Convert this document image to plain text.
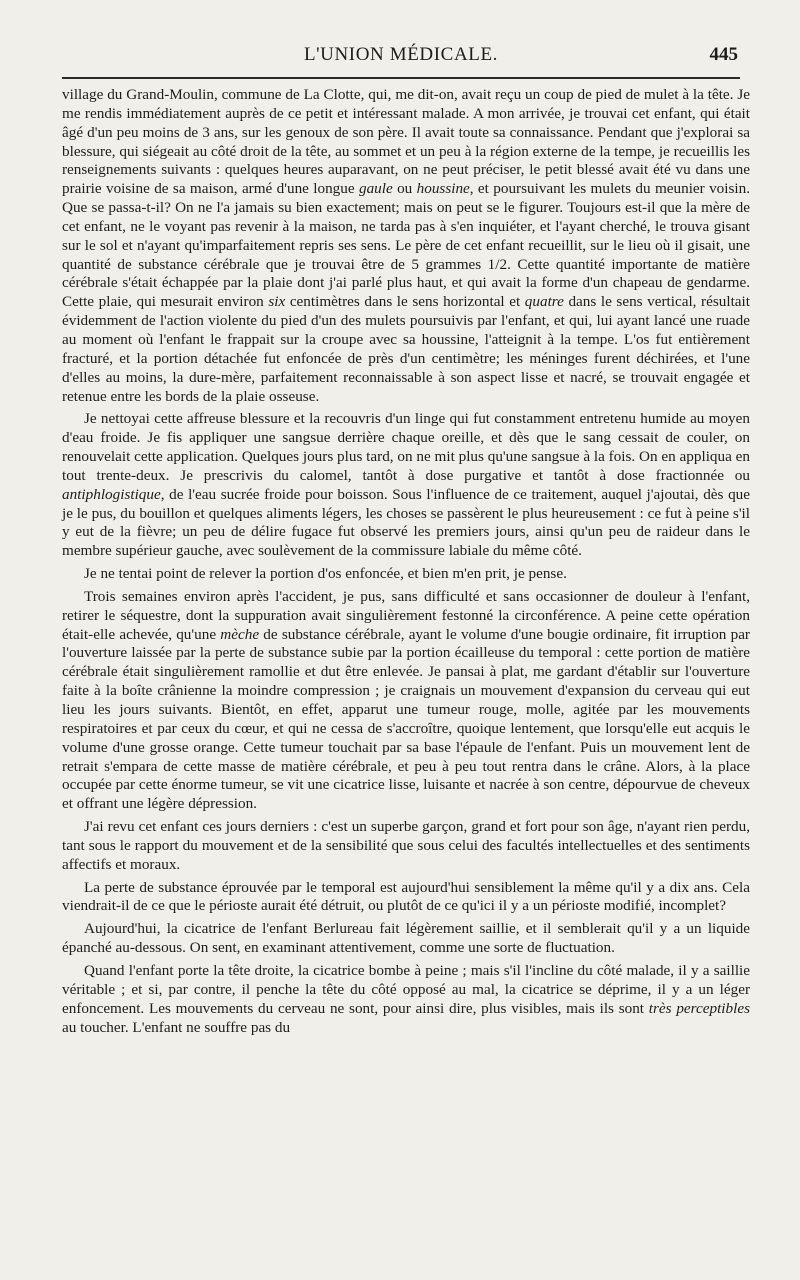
L'UNION MÉDICALE.	445

village du Grand-Moulin, commune de La Clotte, qui, me dit-on, avait reçu un coup de pied de mulet à la tête. Je me rendis immédiatement auprès de ce petit et intéressant malade. A mon arrivée, je trouvai cet enfant, qui était âgé d'un peu moins de 3 ans, sur les genoux de son père. Il avait toute sa connaissance. Pendant que j'explorai sa blessure, qui siégeait au côté droit de la tête, au sommet et un peu à la région externe de la tempe, je recueillis les renseignements suivants : quelques heures auparavant, on ne peut préciser, le petit blessé avait été vu dans une prairie voisine de sa maison, armé d'une longue gaule ou houssine, et poursuivant les mulets du meunier voisin. Que se passa-t-il? On ne l'a jamais su bien exactement; mais on peut se le figurer. Toujours est-il que la mère de cet enfant, ne le voyant pas revenir à la maison, ne tarda pas à s'en inquiéter, et l'ayant cherché, le trouva gisant sur le sol et n'ayant qu'imparfaitement repris ses sens. Le père de cet enfant recueillit, sur le lieu où il gisait, une quantité de substance cérébrale que je trouvai être de 5 grammes 1/2. Cette quantité importante de matière cérébrale s'était échappée par la plaie dont j'ai parlé plus haut, et qui avait la forme d'un chapeau de gendarme. Cette plaie, qui mesurait environ six centimètres dans le sens horizontal et quatre dans le sens vertical, résultait évidemment de l'action violente du pied d'un des mulets poursuivis par l'enfant, et qui, lui ayant lancé une ruade au moment où l'enfant le frappait sur la croupe avec sa houssine, l'atteignit à la tempe. L'os fut entièrement fracturé, et la portion détachée fut enfoncée de près d'un centimètre; les méninges furent déchirées, et l'une d'elles au moins, la dure-mère, parfaitement reconnaissable à son aspect lisse et nacré, se trouvait engagée et retenue entre les bords de la plaie osseuse.

Je nettoyai cette affreuse blessure et la recouvris d'un linge qui fut constamment entretenu humide au moyen d'eau froide. Je fis appliquer une sangsue derrière chaque oreille, et dès que le sang cessait de couler, on renouvelait cette application. Quelques jours plus tard, on ne mit plus qu'une sangsue à la fois. On en appliqua en tout trente-deux. Je prescrivis du calomel, tantôt à dose purgative et tantôt à dose fractionnée ou antiphlogistique, de l'eau sucrée froide pour boisson. Sous l'influence de ce traitement, auquel j'ajoutai, dès que je le pus, du bouillon et quelques aliments légers, les choses se passèrent le plus heureusement : ce fut à peine s'il y eut de la fièvre; un peu de délire fugace fut observé les premiers jours, ainsi qu'un peu de raideur dans le membre supérieur gauche, avec soulèvement de la commissure labiale du même côté.

Je ne tentai point de relever la portion d'os enfoncée, et bien m'en prit, je pense.

Trois semaines environ après l'accident, je pus, sans difficulté et sans occasionner de douleur à l'enfant, retirer le séquestre, dont la suppuration avait singulièrement festonné la circonférence. A peine cette opération était-elle achevée, qu'une mèche de substance cérébrale, ayant le volume d'une bougie ordinaire, fit irruption par l'ouverture laissée par la perte de substance subie par la portion écailleuse du temporal : cette portion de matière cérébrale était singulièrement ramollie et dut être enlevée. Je pansai à plat, me gardant d'établir sur l'ouverture faite à la boîte crânienne la moindre compression ; je craignais un mouvement d'expansion du cerveau qui eut lieu les jours suivants. Bientôt, en effet, apparut une tumeur rouge, molle, agitée par les mouvements respiratoires et par ceux du cœur, et qui ne cessa de s'accroître, quoique lentement, que lorsqu'elle eut acquis le volume d'une grosse orange. Cette tumeur touchait par sa base l'épaule de l'enfant. Puis un mouvement lent de retrait s'empara de cette masse de matière cérébrale, et peu à peu tout rentra dans le crâne. Alors, à la place occupée par cette énorme tumeur, se vit une cicatrice lisse, luisante et nacrée à son centre, dépourvue de cheveux et offrant une légère dépression.

J'ai revu cet enfant ces jours derniers : c'est un superbe garçon, grand et fort pour son âge, n'ayant rien perdu, tant sous le rapport du mouvement et de la sensibilité que sous celui des facultés intellectuelles et des sentiments affectifs et moraux.

La perte de substance éprouvée par le temporal est aujourd'hui sensiblement la même qu'il y a dix ans. Cela viendrait-il de ce que le périoste aurait été détruit, ou plutôt de ce qu'ici il y a un périoste modifié, incomplet?

Aujourd'hui, la cicatrice de l'enfant Berlureau fait légèrement saillie, et il semblerait qu'il y a un liquide épanché au-dessous. On sent, en examinant attentivement, comme une sorte de fluctuation.

Quand l'enfant porte la tête droite, la cicatrice bombe à peine ; mais s'il l'incline du côté malade, il y a saillie véritable ; et si, par contre, il penche la tête du côté opposé au mal, la cicatrice se déprime, il y a un léger enfoncement. Les mouvements du cerveau ne sont, pour ainsi dire, plus visibles, mais ils sont très perceptibles au toucher. L'enfant ne souffre pas du
